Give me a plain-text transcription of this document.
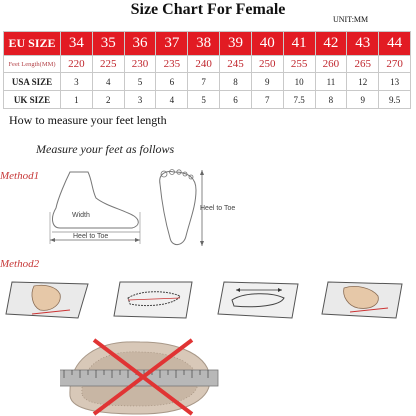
Size Chart For Female
UNIT:MM
EU SIZE	34	35	36	37	38	39	40	41	42	43	44
Feet Length(MM)	220	225	230	235	240	245	250	255	260	265	270
USA SIZE	3	4	5	6	7	8	9	10	11	12	13
UK SIZE	1	2	3	4	5	6	7	7.5	8	9	9.5
How to measure your feet length
Measure your feet as follows
Method1
Method2
Width
Heel to Toe
Heel to Toe
